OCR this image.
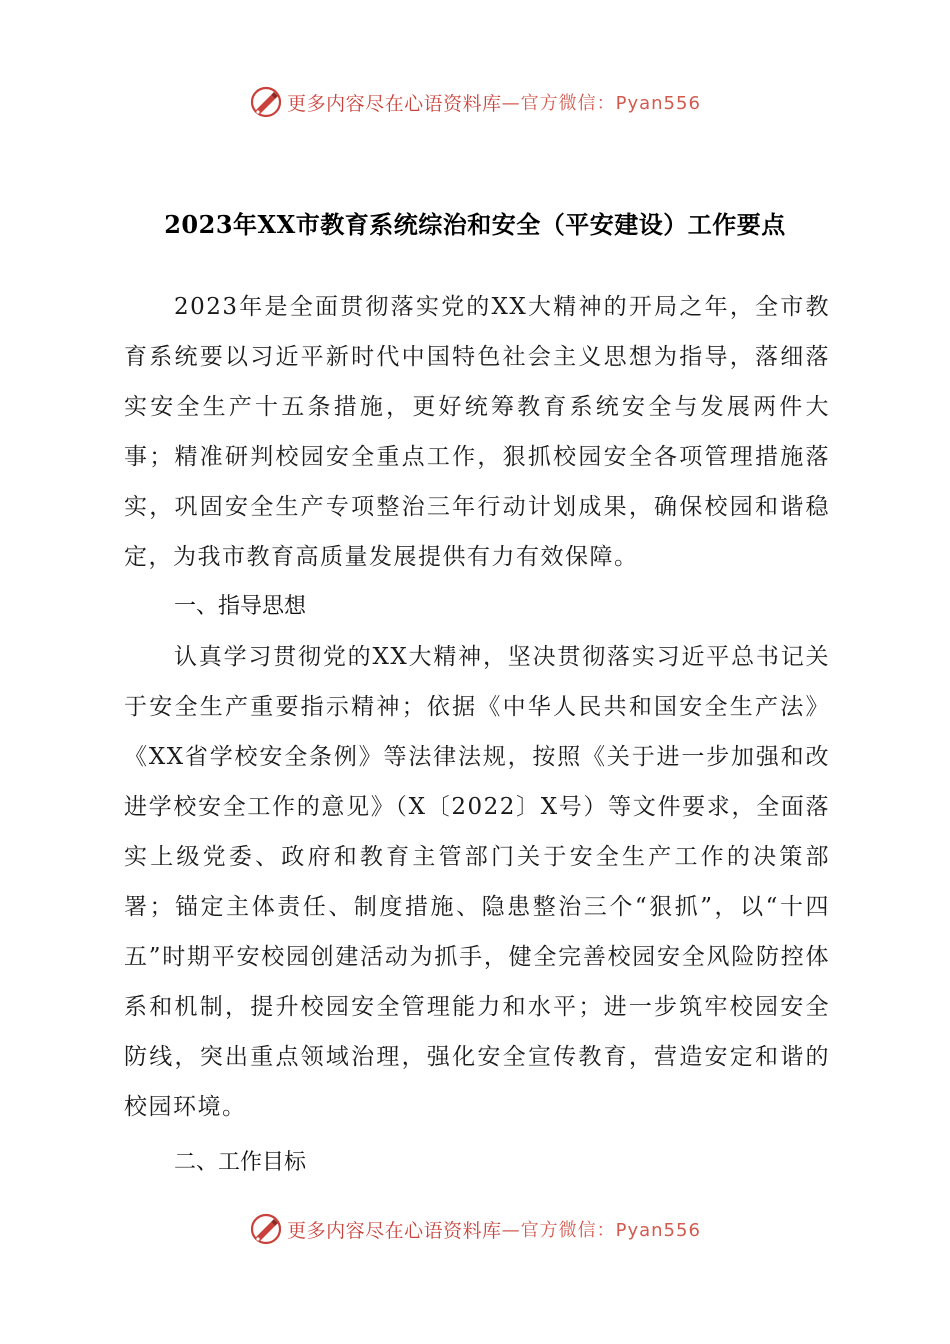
更多内容尽在心语资料库 —官方微信：Pyan556
2023年XX市教育系统综治和安全（平安建设）工作要点

2023年是全面贯彻落实党的XX大精神的开局之年，全市教育系统要以习近平新时代中国特色社会主义思想为指导，落细落实安全生产十五条措施，更好统筹教育系统安全与发展两件大事；精准研判校园安全重点工作，狠抓校园安全各项管理措施落实，巩固安全生产专项整治三年行动计划成果，确保校园和谐稳定，为我市教育高质量发展提供有力有效保障。

一、指导思想

认真学习贯彻党的XX大精神，坚决贯彻落实习近平总书记关于安全生产重要指示精神；依据《中华人民共和国安全生产法》《XX省学校安全条例》等法律法规，按照《关于进一步加强和改进学校安全工作的意见》（X〔2022〕X号）等文件要求，全面落实上级党委、政府和教育主管部门关于安全生产工作的决策部署；锚定主体责任、制度措施、隐患整治三个“狠抓”，以“十四五”时期平安校园创建活动为抓手，健全完善校园安全风险防控体系和机制，提升校园安全管理能力和水平；进一步筑牢校园安全防线，突出重点领域治理，强化安全宣传教育，营造安定和谐的校园环境。

二、工作目标

更多内容尽在心语资料库 —官方微信：Pyan556
